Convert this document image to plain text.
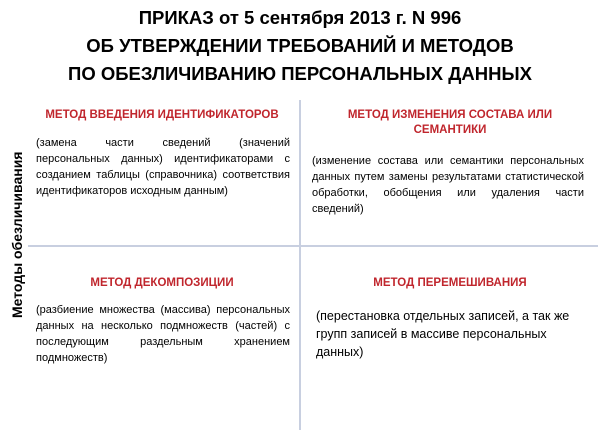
ПРИКАЗ от 5 сентября 2013 г. N 996
ОБ УТВЕРЖДЕНИИ ТРЕБОВАНИЙ И МЕТОДОВ
ПО ОБЕЗЛИЧИВАНИЮ ПЕРСОНАЛЬНЫХ ДАННЫХ
Методы обезличивания
МЕТОД ВВЕДЕНИЯ ИДЕНТИФИКАТОРОВ
(замена части сведений (значений персональных данных) идентификаторами с созданием таблицы (справочника) соответствия идентификаторов исходным данным)
МЕТОД ИЗМЕНЕНИЯ СОСТАВА ИЛИ СЕМАНТИКИ
(изменение состава или семантики персональных данных путем замены результатами статистической обработки, обобщения или удаления части сведений)
МЕТОД ДЕКОМПОЗИЦИИ
(разбиение множества (массива) персональных данных на несколько подмножеств (частей) с последующим раздельным хранением подмножеств)
МЕТОД ПЕРЕМЕШИВАНИЯ
(перестановка отдельных записей, а так же групп записей в массиве персональных данных)
